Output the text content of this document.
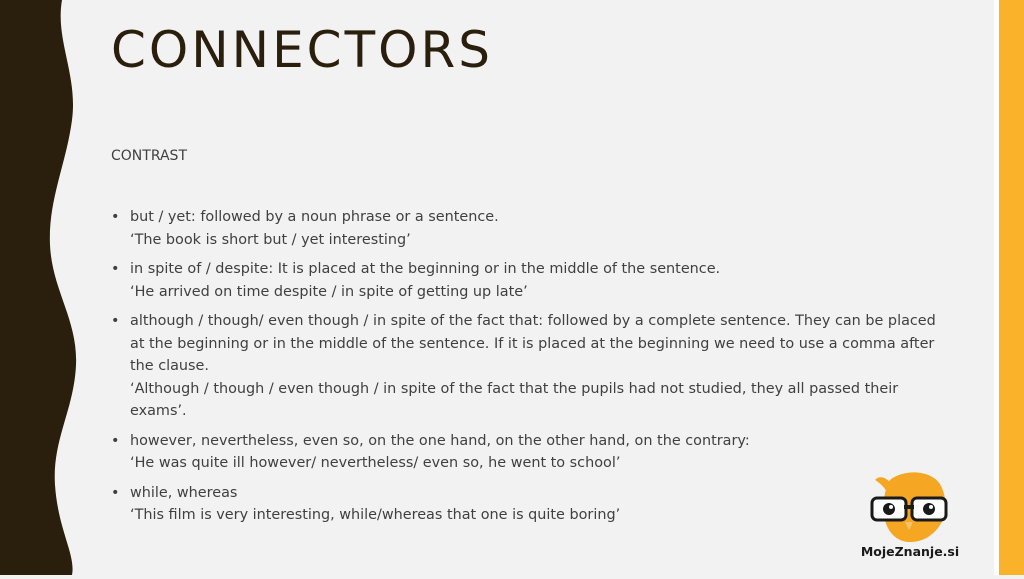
CONNECTORS
CONTRAST
• but / yet: followed by a noun phrase or a sentence.
‘The book is short but / yet interesting’
• in spite of / despite: It is placed at the beginning or in the middle of the sentence.
‘He arrived on time despite / in spite of getting up late’
• although / though/ even though / in spite of the fact that: followed by a complete sentence. They can be placed at the beginning or in the middle of the sentence. If it is placed at the beginning we need to use a comma after the clause.
‘Although / though / even though / in spite of the fact that the pupils had not studied, they all passed their exams’.
• however, nevertheless, even so, on the one hand, on the other hand, on the contrary:
‘He was quite ill however/ nevertheless/ even so, he went to school’
• while, whereas
‘This film is very interesting, while/whereas that one is quite boring’
MojeZnanje.si
